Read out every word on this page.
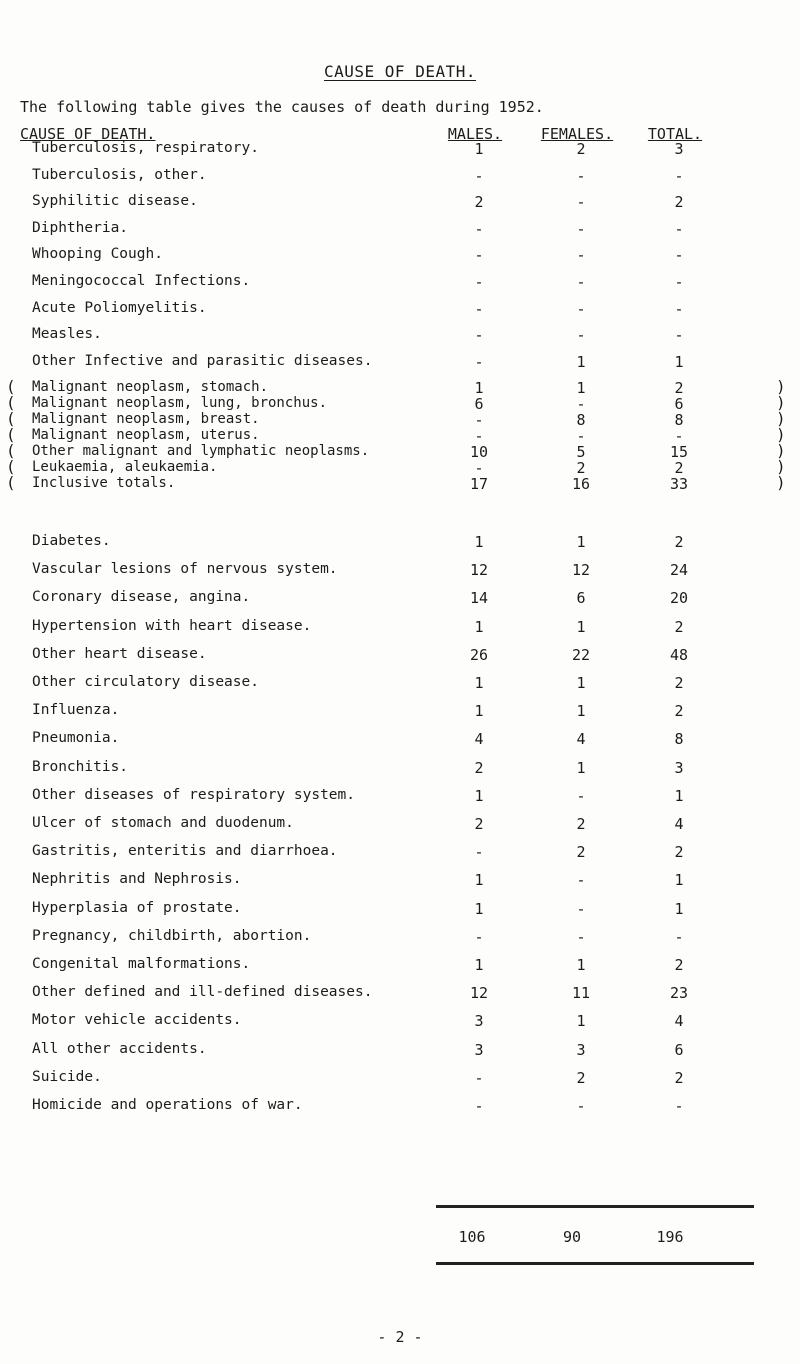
CAUSE OF DEATH.
The following table gives the causes of death during 1952.
CAUSE OF DEATH.	MALES.	FEMALES.	TOTAL.
Tuberculosis, respiratory.	1	2	3
Tuberculosis, other.	-	-	-
Syphilitic disease.	2	-	2
Diphtheria.	-	-	-
Whooping Cough.	-	-	-
Meningococcal Infections.	-	-	-
Acute Poliomyelitis.	-	-	-
Measles.	-	-	-
Other Infective and parasitic diseases.	-	1	1
Malignant neoplasm, stomach.	1	1	2
(	)
Malignant neoplasm, lung, bronchus.	6	-	6
(	)
Malignant neoplasm, breast.	-	8	8
(	)
Malignant neoplasm, uterus.	-	-	-
(	)
Other malignant and lymphatic neoplasms.	10	5	15
(	)
Leukaemia, aleukaemia.	-	2	2
(	)
Inclusive totals.	17	16	33
(	)
Diabetes.	1	1	2
Vascular lesions of nervous system.	12	12	24
Coronary disease, angina.	14	6	20
Hypertension with heart disease.	1	1	2
Other heart disease.	26	22	48
Other circulatory disease.	1	1	2
Influenza.	1	1	2
Pneumonia.	4	4	8
Bronchitis.	2	1	3
Other diseases of respiratory system.	1	-	1
Ulcer of stomach and duodenum.	2	2	4
Gastritis, enteritis and diarrhoea.	-	2	2
Nephritis and Nephrosis.	1	-	1
Hyperplasia of prostate.	1	-	1
Pregnancy, childbirth, abortion.	-	-	-
Congenital malformations.	1	1	2
Other defined and ill-defined diseases.	12	11	23
Motor vehicle accidents.	3	1	4
All other accidents.	3	3	6
Suicide.	-	2	2
Homicide and operations of war.	-	-	-
106	90	196
- 2 -
